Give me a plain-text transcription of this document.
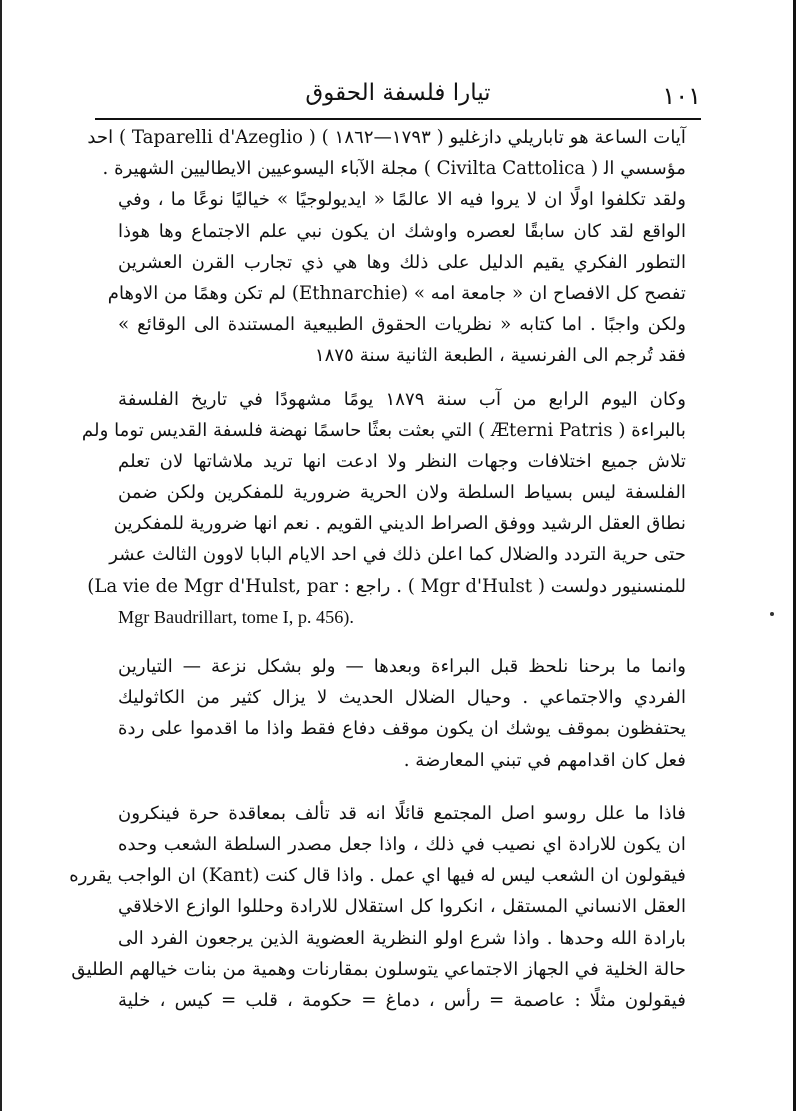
١٠١
تيارا فلسفة الحقوق
آيات الساعة هو تاباريلي دازغليو ( ١٧٩٣—١٨٦٢ ) ( Taparelli d'Azeglio ) احد
مؤسسي اﻟ ( Civilta Cattolica ) مجلة الآباء اليسوعيين الايطاليين الشهيرة .
ولقد تكلفوا اولًا ان لا يروا فيه الا عالمًا « ايديولوجيًا » خياليًا نوعًا ما ، وفي
الواقع لقد كان سابقًا لعصره واوشك ان يكون نبي علم الاجتماع وها هوذا
التطور الفكري يقيم الدليل على ذلك وها هي ذي تجارب القرن العشرين
تفصح كل الافصاح ان « جامعة امه » (Ethnarchie) لم تكن وهمًا من الاوهام
ولكن واجبًا . اما كتابه « نظريات الحقوق الطبيعية المستندة الى الوقائع »
فقد تُرجم الى الفرنسية ، الطبعة الثانية سنة ١٨٧٥
وكان اليوم الرابع من آب سنة ١٨٧٩ يومًا مشهودًا في تاريخ الفلسفة
بالبراءة ( Æterni Patris ) التي بعثت بعثًا حاسمًا نهضة فلسفة القديس توما ولم
تلاش جميع اختلافات وجهات النظر ولا ادعت انها تريد ملاشاتها لان تعلم
الفلسفة ليس بسياط السلطة ولان الحرية ضرورية للمفكرين ولكن ضمن
نطاق العقل الرشيد ووفق الصراط الديني القويم . نعم انها ضرورية للمفكرين
حتى حرية التردد والضلال كما اعلن ذلك في احد الايام البابا لاوون الثالث عشر
للمنسنيور دولست ( Mgr d'Hulst ) . راجع : La vie de Mgr d'Hulst, par)
Mgr Baudrillart, tome I, p. 456).
وانما ما برحنا نلحظ قبل البراءة وبعدها — ولو بشكل نزعة — التيارين
الفردي والاجتماعي . وحيال الضلال الحديث لا يزال كثير من الكاثوليك
يحتفظون بموقف يوشك ان يكون موقف دفاع فقط واذا ما اقدموا على ردة
فعل كان اقدامهم في تبني المعارضة .
فاذا ما علل روسو اصل المجتمع قائلًا انه قد تألف بمعاقدة حرة فينكرون
ان يكون للارادة اي نصيب في ذلك ، واذا جعل مصدر السلطة الشعب وحده
فيقولون ان الشعب ليس له فيها اي عمل . واذا قال كنت (Kant) ان الواجب يقرره
العقل الانساني المستقل ، انكروا كل استقلال للارادة وحللوا الوازع الاخلاقي
بارادة الله وحدها . واذا شرع اولو النظرية العضوية الذين يرجعون الفرد الى
حالة الخلية في الجهاز الاجتماعي يتوسلون بمقارنات وهمية من بنات خيالهم الطليق
فيقولون مثلًا : عاصمة = رأس ، دماغ = حكومة ، قلب = كيس ، خلية
